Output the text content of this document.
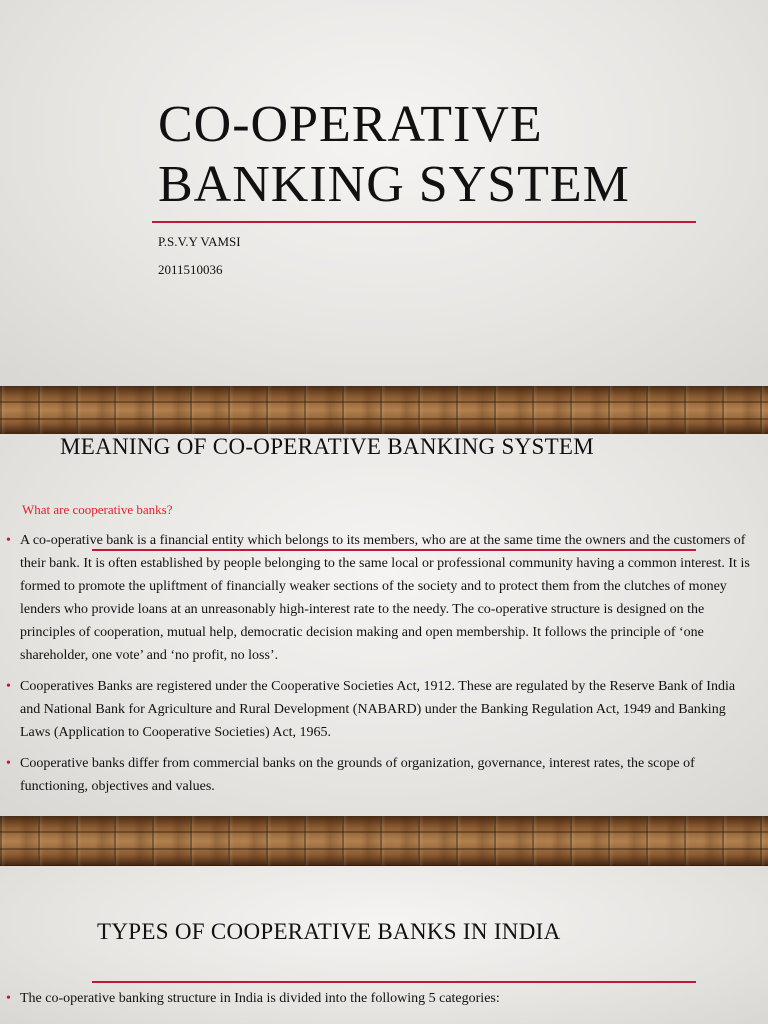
CO-OPERATIVE
BANKING SYSTEM
P.S.V.Y VAMSI
2011510036
MEANING OF CO-OPERATIVE BANKING SYSTEM
What are cooperative banks?
• A co-operative bank is a financial entity which belongs to its members, who are at the same time the owners and the customers of their bank. It is often established by people belonging to the same local or professional community having a common interest. It is formed to promote the upliftment of financially weaker sections of the society and to protect them from the clutches of money lenders who provide loans at an unreasonably high-interest rate to the needy. The co-operative structure is designed on the principles of cooperation, mutual help, democratic decision making and open membership. It follows the principle of ‘one shareholder, one vote’ and ‘no profit, no loss’.
• Cooperatives Banks are registered under the Cooperative Societies Act, 1912. These are regulated by the Reserve Bank of India and National Bank for Agriculture and Rural Development (NABARD) under the Banking Regulation Act, 1949 and Banking Laws (Application to Cooperative Societies) Act, 1965.
• Cooperative banks differ from commercial banks on the grounds of organization, governance, interest rates, the scope of functioning, objectives and values.
TYPES OF COOPERATIVE BANKS IN INDIA
• The co-operative banking structure in India is divided into the following 5 categories:
